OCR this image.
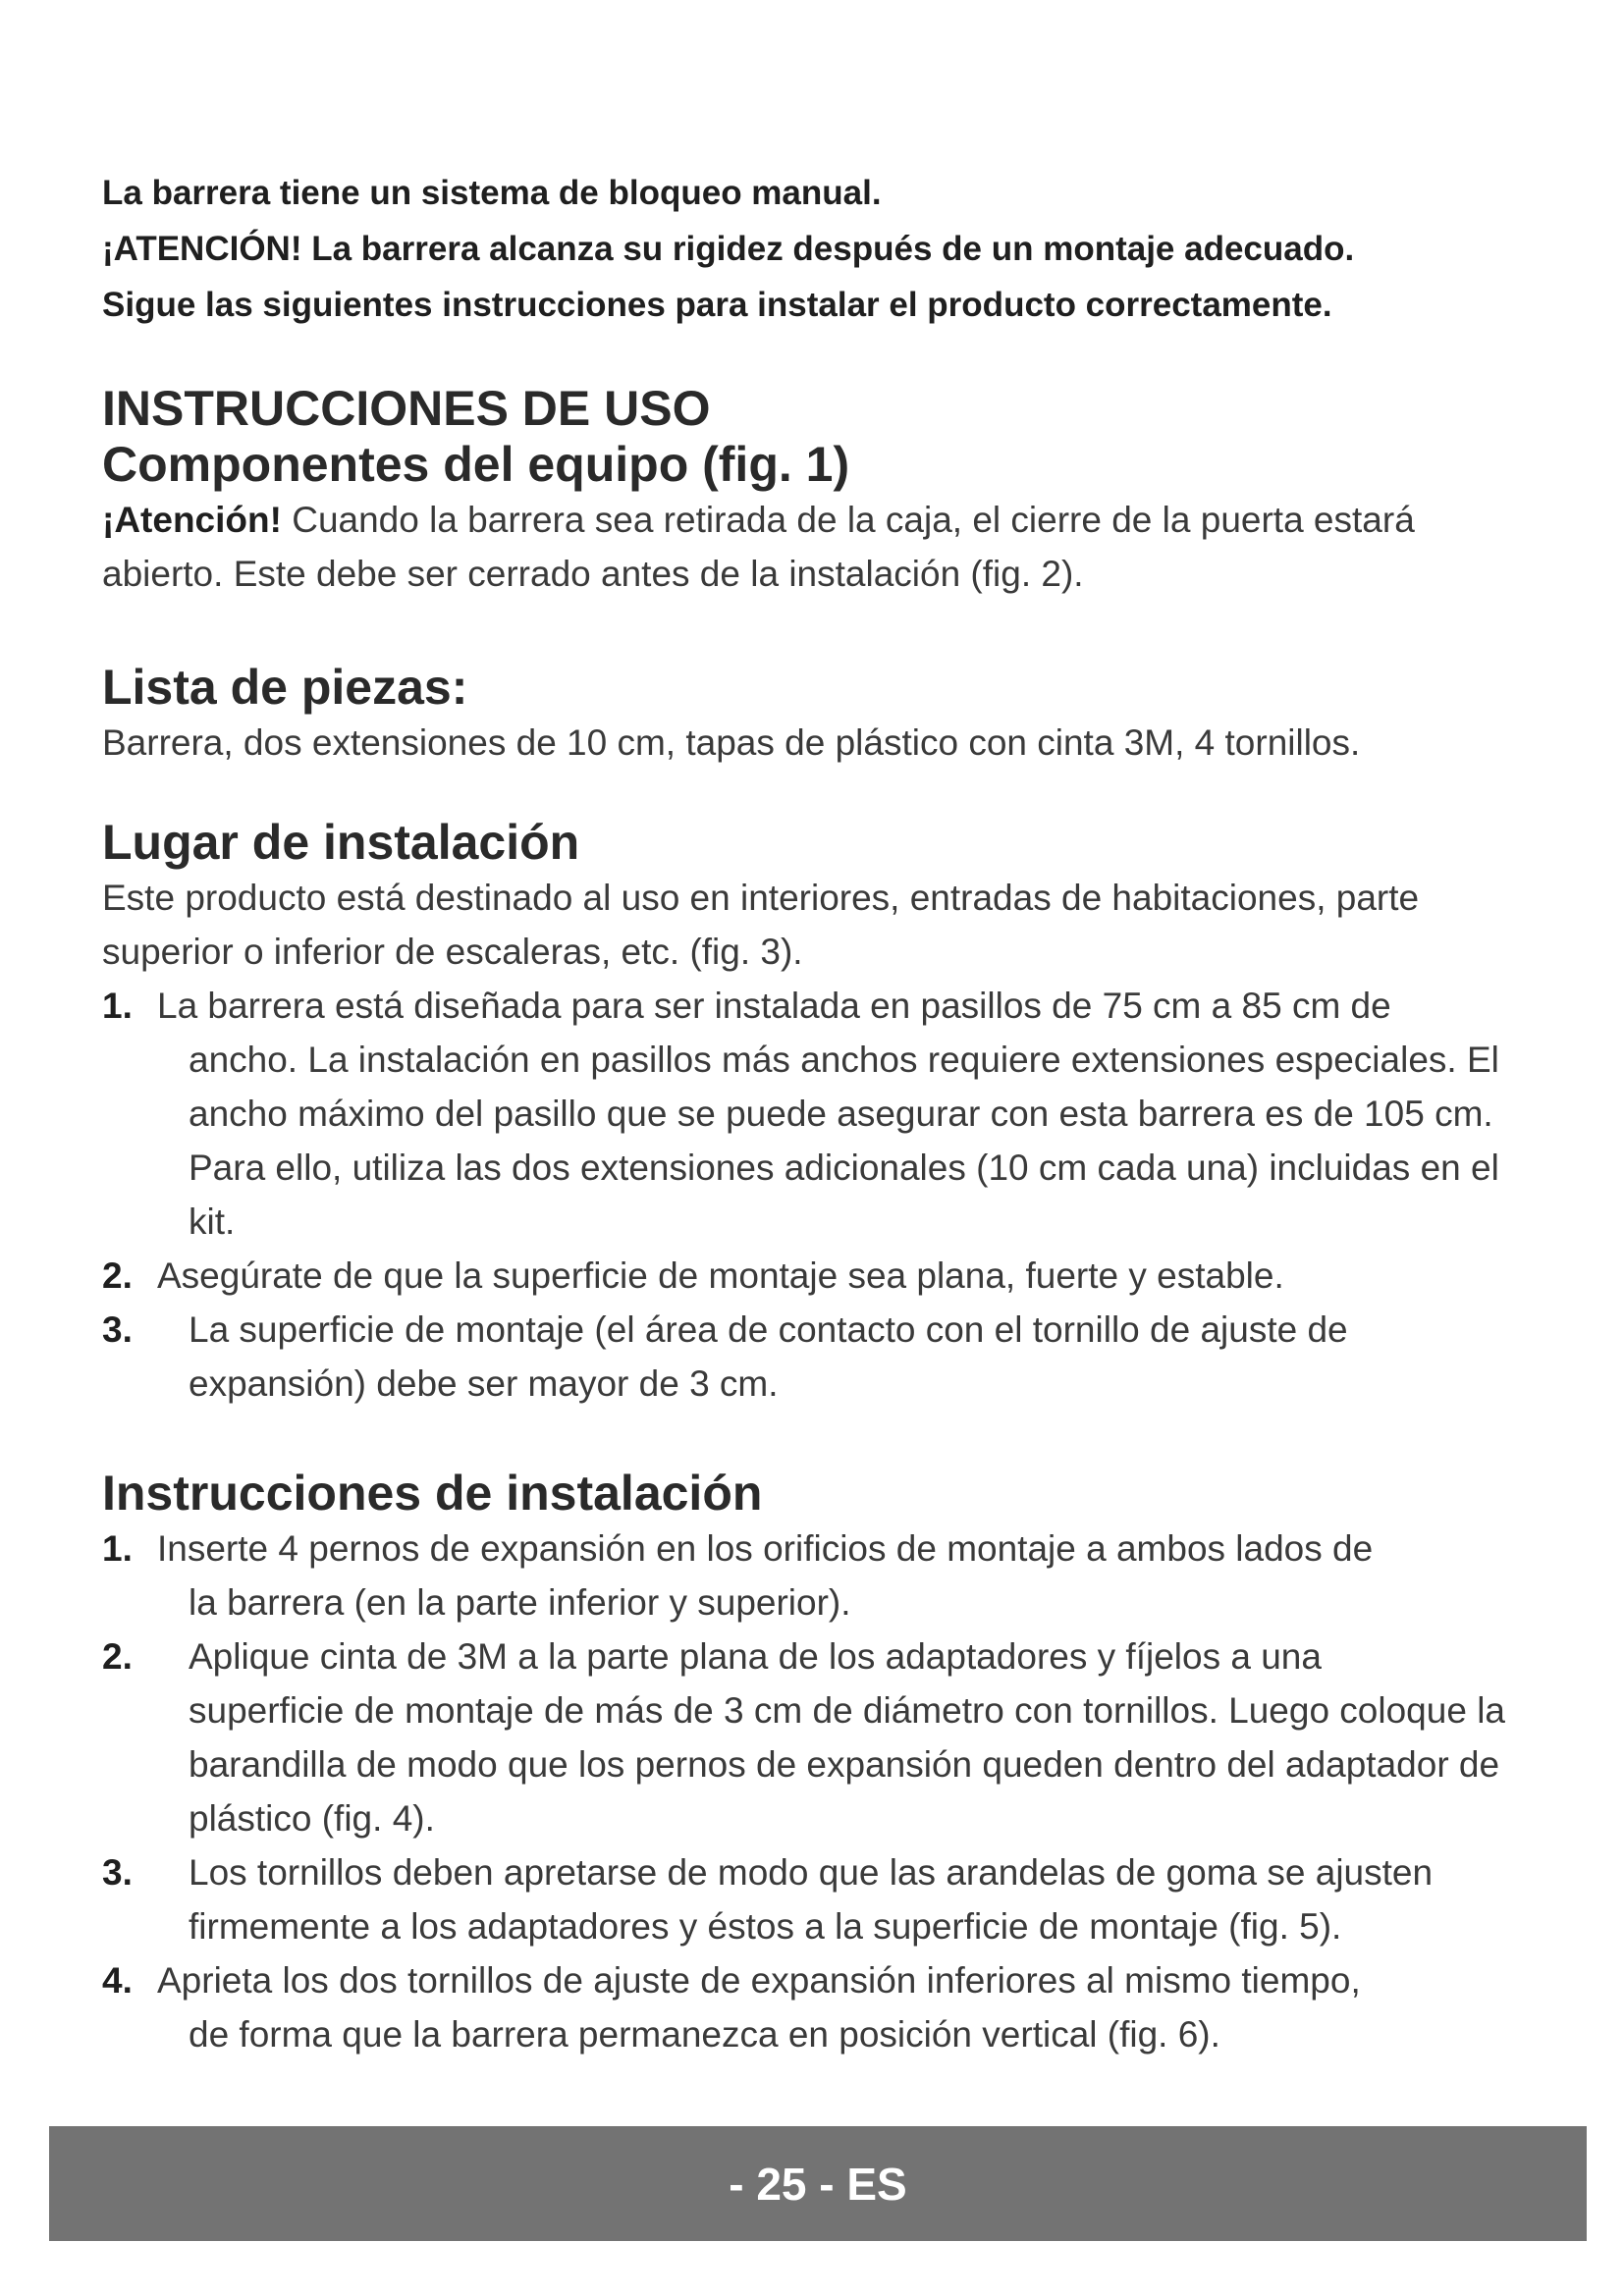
La barrera tiene un sistema de bloqueo manual.

¡ATENCIÓN! La barrera alcanza su rigidez después de un montaje adecuado.

Sigue las siguientes instrucciones para instalar el producto correctamente.

INSTRUCCIONES DE USO
Componentes del equipo (fig. 1)

¡Atención! Cuando la barrera sea retirada de la caja, el cierre de la puerta estará abierto. Este debe ser cerrado antes de la instalación (fig. 2).

Lista de piezas:

Barrera, dos extensiones de 10 cm, tapas de plástico con cinta 3M, 4 tornillos.

Lugar de instalación

Este producto está destinado al uso en interiores, entradas de habitaciones, parte superior o inferior de escaleras, etc. (fig. 3).

1. La barrera está diseñada para ser instalada en pasillos de 75 cm a 85 cm de
ancho. La instalación en pasillos más anchos requiere extensiones especiales. El ancho máximo del pasillo que se puede asegurar con esta barrera es de 105 cm. Para ello, utiliza las dos extensiones adicionales (10 cm cada una) incluidas en el kit.
2. Asegúrate de que la superficie de montaje sea plana, fuerte y estable.
3. La superficie de montaje (el área de contacto con el tornillo de ajuste de
expansión) debe ser mayor de 3 cm.
Instrucciones de instalación
1. Inserte 4 pernos de expansión en los orificios de montaje a ambos lados de
la barrera (en la parte inferior y superior).
2. Aplique cinta de 3M a la parte plana de los adaptadores y fíjelos a una
superficie de montaje de más de 3 cm de diámetro con tornillos. Luego coloque la barandilla de modo que los pernos de expansión queden dentro del adaptador de plástico (fig. 4).
3. Los tornillos deben apretarse de modo que las arandelas de goma se ajusten
firmemente a los adaptadores y éstos a la superficie de montaje (fig. 5).
4. Aprieta los dos tornillos de ajuste de expansión inferiores al mismo tiempo,
de forma que la barrera permanezca en posición vertical (fig. 6).
- 25 - ES
